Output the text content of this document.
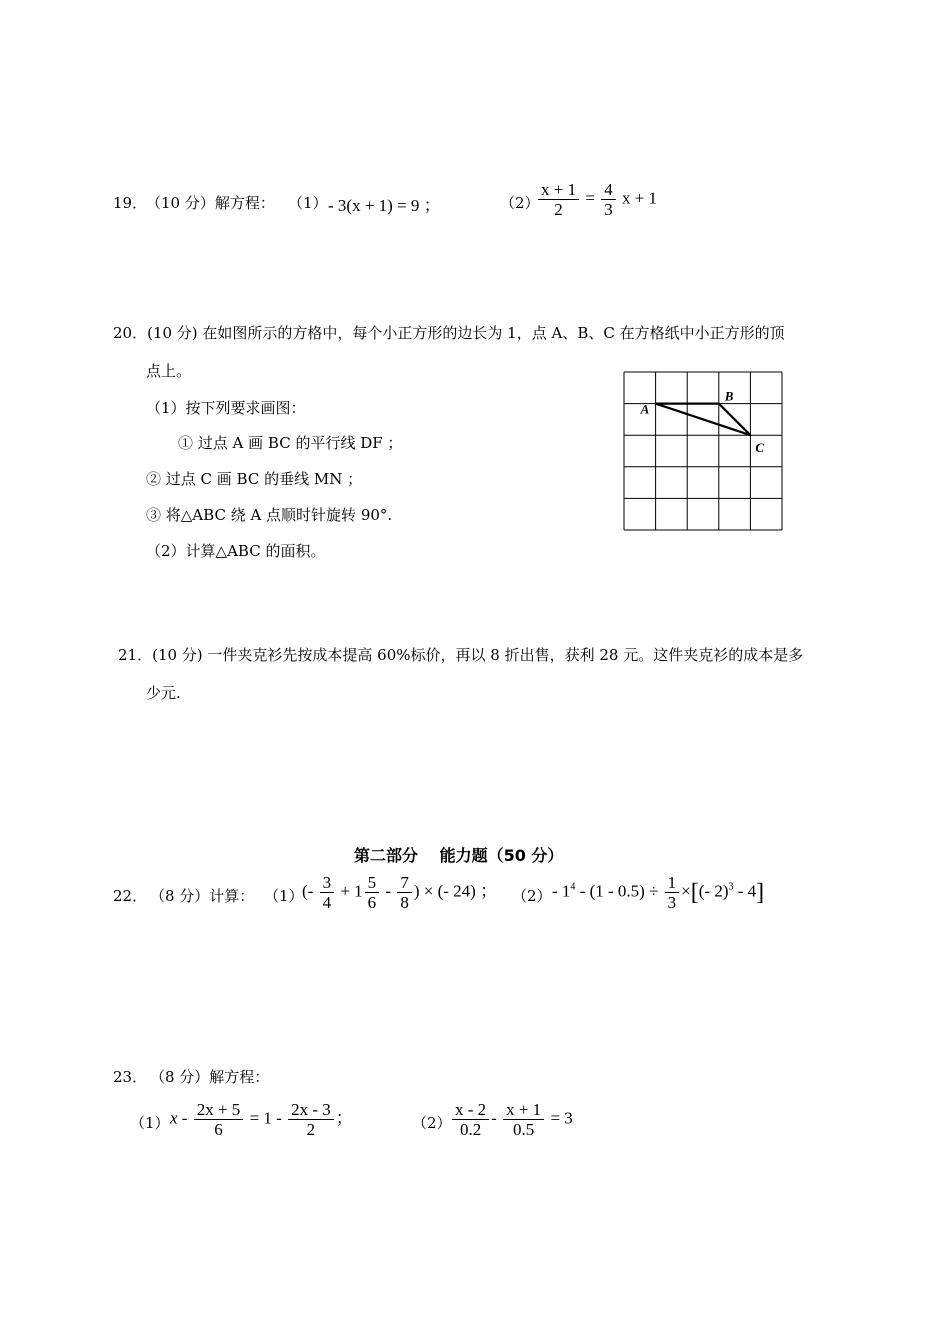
19．
（10 分）解方程： （1） - 3(x + 1) = 9 ；	（2）
$\frac{x + 1}{2} = \frac{4}{3}$ x + 1
20．(10 分) 在如图所示的方格中，每个小正方形的边长为 1，点 A、B、C 在方格纸中小正方形的顶
点上。
（1）按下列要求画图：
① 过点 A 画 BC 的平行线 DF ；
② 过点 C 画 BC 的垂线 MN ；
③ 将△ABC 绕 A 点顺时针旋转 90°.
（2）计算△ABC 的面积。
A
B
C
21．(10 分) 一件夹克衫先按成本提高 60%标价，再以 8 折出售，获利 28 元。这件夹克衫的成本是多
少元.
第二部分　 能力题（50 分）
22． （8 分）计算： （1）
(- $\frac{3}{4} + 1 \frac{5}{6} - \frac{7}{8}$ ) × (- 24) ； $(2) - 1^4 - (1 - 0.5) \div \frac{1}{3}$ ×[(- 2)$^3$ - 4]
23． （8 分）解方程：
（1） $x - \frac{2x + 5}{6} = 1 - \frac{2x - 3}{2}$ ；	$(2) \frac{x - 2}{0.2} - \frac{x + 1}{0.5} = 3$
